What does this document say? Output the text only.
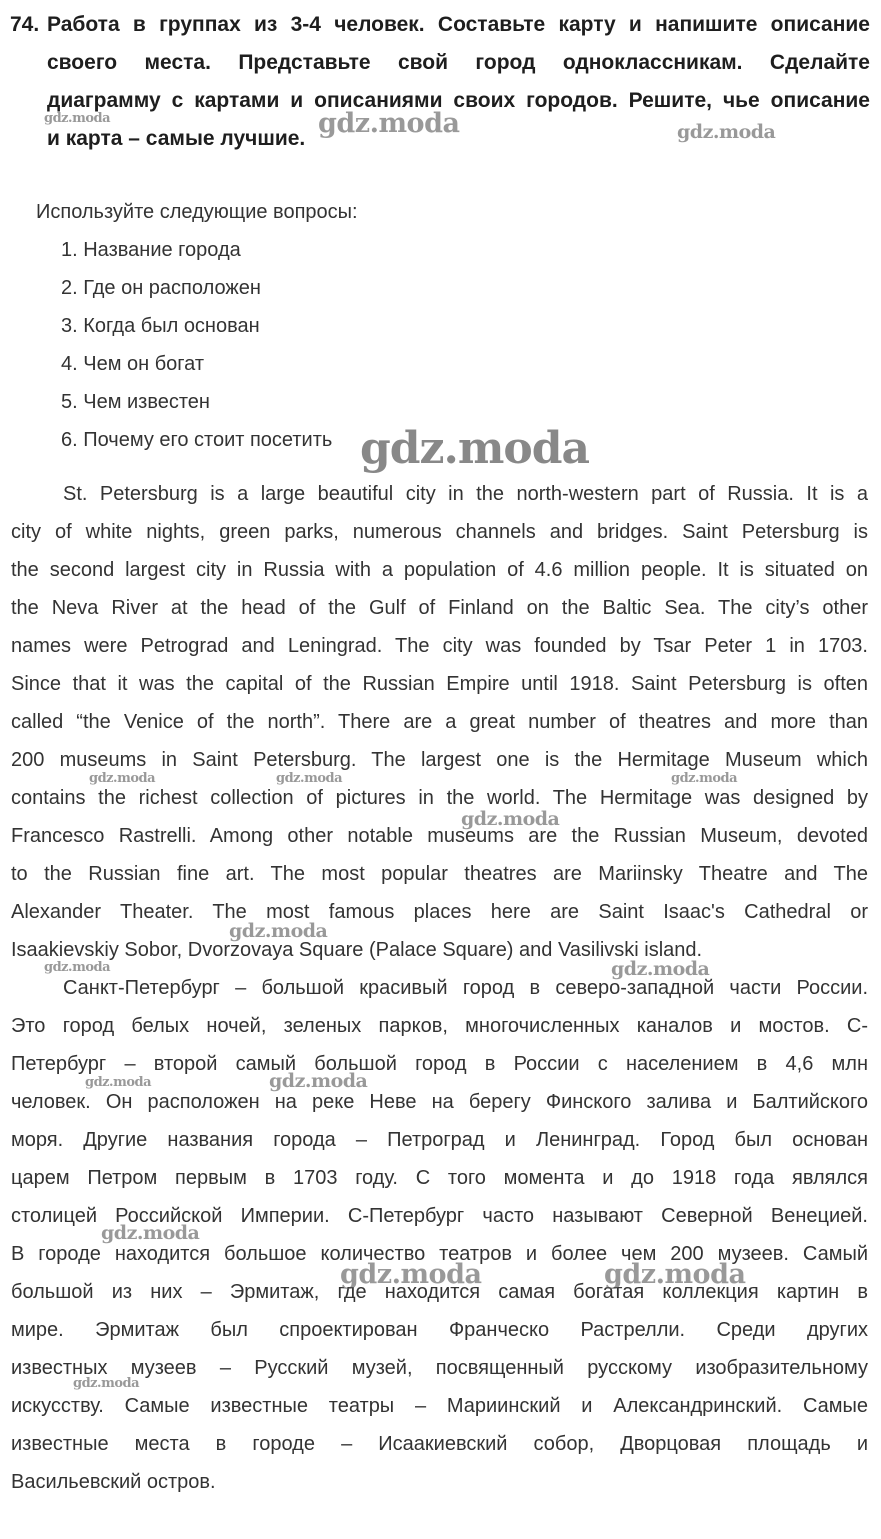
74. Работа в группах из 3-4 человек. Составьте карту и напишите описание
своего места. Представьте свой город одноклассникам. Сделайте
диаграмму с картами и описаниями своих городов. Решите, чье описание
и карта – самые лучшие.
Используйте следующие вопросы:
1. Название города
2. Где он расположен
3. Когда был основан
4. Чем он богат
5. Чем известен
6. Почему его стоит посетить
St. Petersburg is a large beautiful city in the north-western part of Russia. It is a
city of white nights, green parks, numerous channels and bridges. Saint Petersburg is
the second largest city in Russia with a population of 4.6 million people. It is situated on
the Neva River at the head of the Gulf of Finland on the Baltic Sea. The city’s other
names were Petrograd and Leningrad. The city was founded by Tsar Peter 1 in 1703.
Since that it was the capital of the Russian Empire until 1918. Saint Petersburg is often
called “the Venice of the north”. There are a great number of theatres and more than
200 museums in Saint Petersburg. The largest one is the Hermitage Museum which
contains the richest collection of pictures in the world. The Hermitage was designed by
Francesco Rastrelli. Among other notable museums are the Russian Museum, devoted
to the Russian fine art. The most popular theatres are Mariinsky Theatre and The
Alexander Theater. The most famous places here are Saint Isaac's Cathedral or
Isaakievskiy Sobor, Dvorzovaya Square (Palace Square) and Vasilivski island.
Санкт-Петербург – большой красивый город в северо-западной части России.
Это город белых ночей, зеленых парков, многочисленных каналов и мостов. С-
Петербург – второй самый большой город в России с населением в 4,6 млн
человек. Он расположен на реке Неве на берегу Финского залива и Балтийского
моря. Другие названия города – Петроград и Ленинград. Город был основан
царем Петром первым в 1703 году. С того момента и до 1918 года являлся
столицей Российской Империи. С-Петербург часто называют Северной Венецией.
В городе находится большое количество театров и более чем 200 музеев. Самый
большой из них – Эрмитаж, где находится самая богатая коллекция картин в
мире. Эрмитаж был спроектирован Франческо Растрелли. Среди других
известных музеев – Русский музей, посвященный русскому изобразительному
искусству. Самые известные театры – Мариинский и Александринский. Самые
известные места в городе – Исаакиевский собор, Дворцовая площадь и
Васильевский остров.
gdz.moda	gdz.moda	gdz.moda
gdz.moda
gdz.moda	gdz.moda	gdz.moda
gdz.moda
gdz.moda
gdz.moda	gdz.moda
gdz.moda	gdz.moda
gdz.moda
gdz.moda	gdz.moda
gdz.moda
